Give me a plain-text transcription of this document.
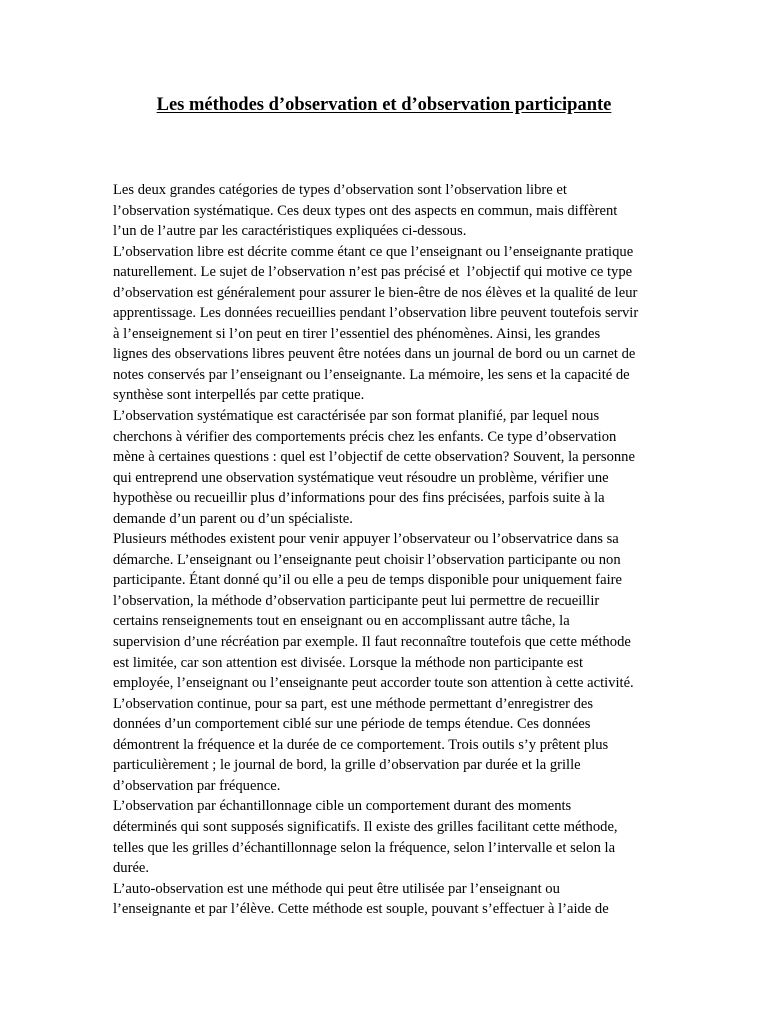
Les méthodes d’observation et d’observation participante
Les deux grandes catégories de types d’observation sont l’observation libre et
l’observation systématique. Ces deux types ont des aspects en commun, mais diffèrent
l’un de l’autre par les caractéristiques expliquées ci-dessous.
L’observation libre est décrite comme étant ce que l’enseignant ou l’enseignante pratique
naturellement. Le sujet de l’observation n’est pas précisé et  l’objectif qui motive ce type
d’observation est généralement pour assurer le bien-être de nos élèves et la qualité de leur
apprentissage. Les données recueillies pendant l’observation libre peuvent toutefois servir
à l’enseignement si l’on peut en tirer l’essentiel des phénomènes. Ainsi, les grandes
lignes des observations libres peuvent être notées dans un journal de bord ou un carnet de
notes conservés par l’enseignant ou l’enseignante. La mémoire, les sens et la capacité de
synthèse sont interpellés par cette pratique.
L’observation systématique est caractérisée par son format planifié, par lequel nous
cherchons à vérifier des comportements précis chez les enfants. Ce type d’observation
mène à certaines questions : quel est l’objectif de cette observation? Souvent, la personne
qui entreprend une observation systématique veut résoudre un problème, vérifier une
hypothèse ou recueillir plus d’informations pour des fins précisées, parfois suite à la
demande d’un parent ou d’un spécialiste.
Plusieurs méthodes existent pour venir appuyer l’observateur ou l’observatrice dans sa
démarche. L’enseignant ou l’enseignante peut choisir l’observation participante ou non
participante. Étant donné qu’il ou elle a peu de temps disponible pour uniquement faire
l’observation, la méthode d’observation participante peut lui permettre de recueillir
certains renseignements tout en enseignant ou en accomplissant autre tâche, la
supervision d’une récréation par exemple. Il faut reconnaître toutefois que cette méthode
est limitée, car son attention est divisée. Lorsque la méthode non participante est
employée, l’enseignant ou l’enseignante peut accorder toute son attention à cette activité.
L’observation continue, pour sa part, est une méthode permettant d’enregistrer des
données d’un comportement ciblé sur une période de temps étendue. Ces données
démontrent la fréquence et la durée de ce comportement. Trois outils s’y prêtent plus
particulièrement ; le journal de bord, la grille d’observation par durée et la grille
d’observation par fréquence.
L’observation par échantillonnage cible un comportement durant des moments
déterminés qui sont supposés significatifs. Il existe des grilles facilitant cette méthode,
telles que les grilles d’échantillonnage selon la fréquence, selon l’intervalle et selon la
durée.
L’auto-observation est une méthode qui peut être utilisée par l’enseignant ou
l’enseignante et par l’élève. Cette méthode est souple, pouvant s’effectuer à l’aide de
